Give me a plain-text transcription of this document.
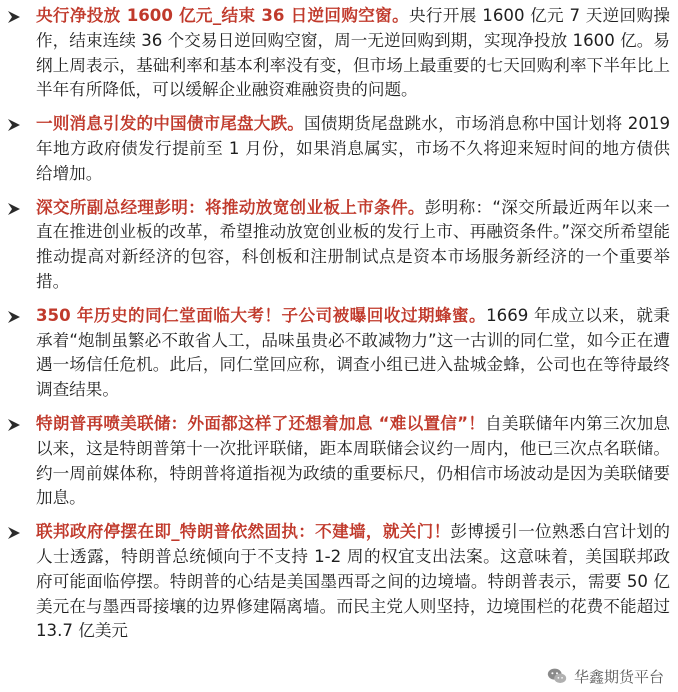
央行净投放 1600 亿元_结束 36 日逆回购空窗。央行开展 1600 亿元 7 天逆回购操作，结束连续 36 个交易日逆回购空窗，周一无逆回购到期，实现净投放 1600 亿。易纲上周表示，基础利率和基本利率没有变，但市场上最重要的七天回购利率下半年比上半年有所降低，可以缓解企业融资难融资贵的问题。
一则消息引发的中国债市尾盘大跌。国债期货尾盘跳水，市场消息称中国计划将 2019 年地方政府债发行提前至 1 月份，如果消息属实，市场不久将迎来短时间的地方债供给增加。
深交所副总经理彭明：将推动放宽创业板上市条件。彭明称：“深交所最近两年以来一直在推进创业板的改革，希望推动放宽创业板的发行上市、再融资条件。”深交所希望能推动提高对新经济的包容，科创板和注册制试点是资本市场服务新经济的一个重要举措。
350 年历史的同仁堂面临大考！子公司被曝回收过期蜂蜜。1669 年成立以来，就秉承着“炮制虽繁必不敢省人工，品味虽贵必不敢减物力”这一古训的同仁堂，如今正在遭遇一场信任危机。此后，同仁堂回应称，调查小组已进入盐城金蜂，公司也在等待最终调查结果。
特朗普再喷美联储：外面都这样了还想着加息 “难以置信”！自美联储年内第三次加息以来，这是特朗普第十一次批评联储，距本周联储会议约一周内，他已三次点名联储。约一周前媒体称，特朗普将道指视为政绩的重要标尺，仍相信市场波动是因为美联储要加息。
联邦政府停摆在即_特朗普依然固执：不建墙，就关门！彭博援引一位熟悉白宫计划的人士透露，特朗普总统倾向于不支持 1-2 周的权宜支出法案。这意味着，美国联邦政府可能面临停摆。特朗普的心结是美国墨西哥之间的边境墙。特朗普表示，需要 50 亿美元在与墨西哥接壤的边界修建隔离墙。而民主党人则坚持，边境围栏的花费不能超过 13.7 亿美元
华鑫期货平台
